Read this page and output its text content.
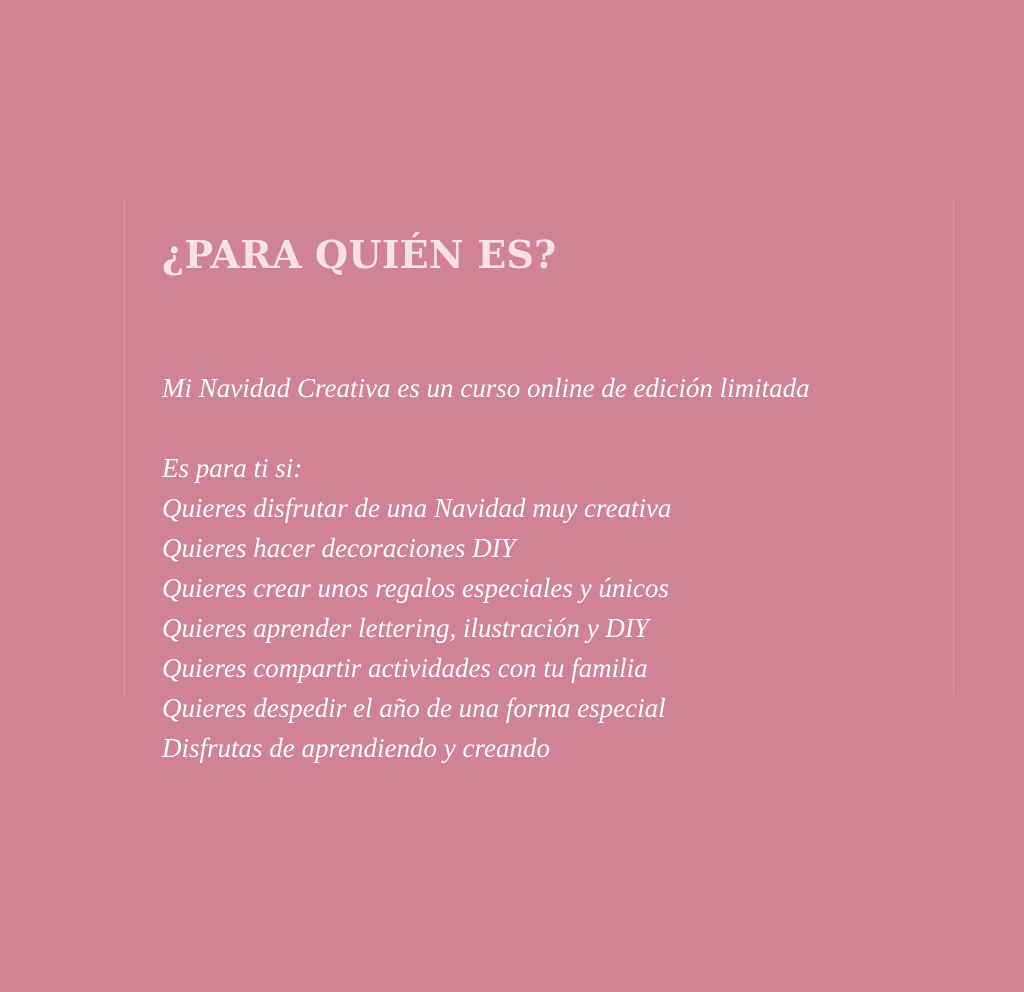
¿PARA QUIÉN ES?

Mi Navidad Creativa es un curso online de edición limitada

Es para ti si:

Quieres disfrutar de una Navidad muy creativa

Quieres hacer decoraciones DIY

Quieres crear unos regalos especiales y únicos

Quieres aprender lettering, ilustración y DIY

Quieres compartir actividades con tu familia

Quieres despedir el año de una forma especial

Disfrutas de aprendiendo y creando
